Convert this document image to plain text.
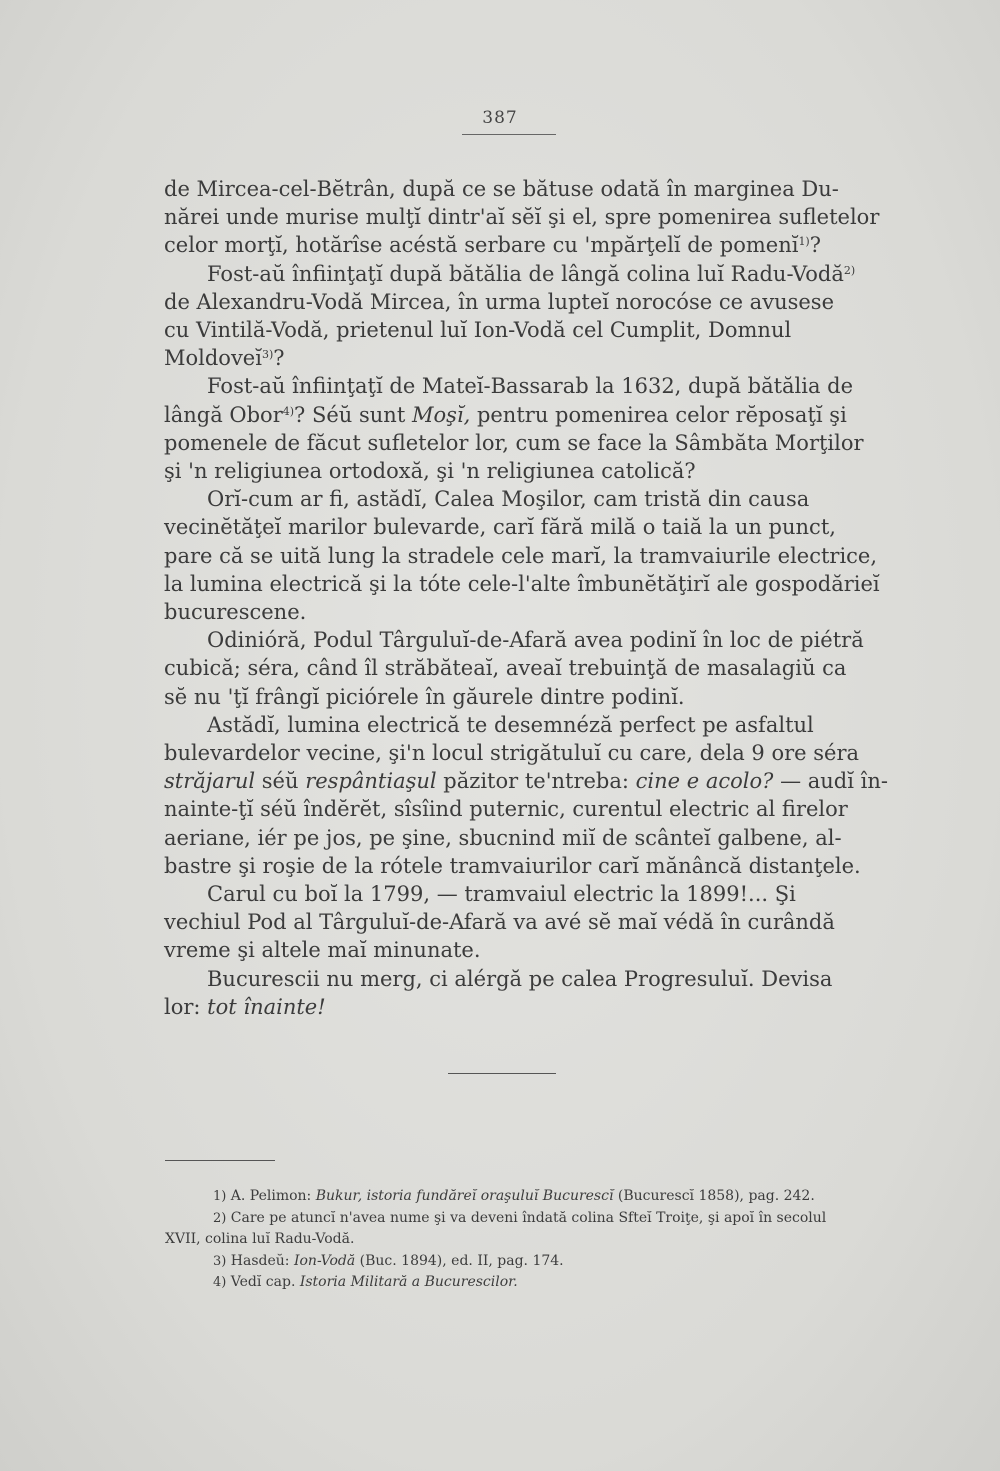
387
de Mircea-cel-Bĕtrân, după ce se bătuse odată în marginea Du-
nărei unde murise mulţĭ dintr'aĭ sĕĭ şi el, spre pomenirea sufletelor
celor morţĭ, hotărîse acéstă serbare cu 'mpărţelĭ de pomenĭ$^{1)}$?
Fost-aŭ înfiinţaţĭ după bătălia de lângă colina luĭ Radu-Vodă$^{2)}$
de Alexandru-Vodă Mircea, în urma lupteĭ norocóse ce avusese
cu Vintilă-Vodă, prietenul luĭ Ion-Vodă cel Cumplit, Domnul
Moldoveĭ$^{3)}$?
Fost-aŭ înfiinţaţĭ de Mateĭ-Bassarab la 1632, după bătălia de
lângă Obor$^{4)}$? Séŭ sunt Moşĭ, pentru pomenirea celor rĕposaţĭ şi
pomenele de făcut sufletelor lor, cum se face la Sâmbăta Morţilor
şi 'n religiunea ortodoxă, şi 'n religiunea catolică?
Orĭ-cum ar fi, astădĭ, Calea Moşilor, cam tristă din causa
vecinĕtăţeĭ marilor bulevarde, carĭ fără milă o taiă la un punct,
pare că se uită lung la stradele cele marĭ, la tramvaiurile electrice,
la lumina electrică şi la tóte cele-l'alte îmbunĕtăţirĭ ale gospodărieĭ
bucurescene.
Odinióră, Podul Târguluĭ-de-Afară avea podinĭ în loc de piétră
cubică; séra, când îl străbăteaĭ, aveaĭ trebuinţă de masalagiŭ ca
sĕ nu 'ţĭ frângĭ piciórele în găurele dintre podinĭ.
Astădĭ, lumina electrică te desemnéză perfect pe asfaltul
bulevardelor vecine, şi'n locul strigătuluĭ cu care, dela 9 ore séra
străjarul séŭ respântiaşul păzitor te'ntreba: cine e acolo? — audĭ în-
nainte-ţĭ séŭ îndĕrĕt, sîsîind puternic, curentul electric al firelor
aeriane, iér pe jos, pe şine, sbucnind miĭ de scânteĭ galbene, al-
bastre şi roşie de la rótele tramvaiurilor carĭ mănâncă distanţele.
Carul cu boĭ la 1799, — tramvaiul electric la 1899!... Şi
vechiul Pod al Târguluĭ-de-Afară va avé sĕ maĭ védă în curândă
vreme şi altele maĭ minunate.
Bucurescii nu merg, ci alérgă pe calea Progresuluĭ. Devisa
lor: tot înainte!
1) A. Pelimon: Bukur, istoria fundăreĭ oraşuluĭ Bucurescĭ (Bucurescĭ 1858), pag. 242.
2) Care pe atuncĭ n'avea nume şi va deveni îndată colina Sfteĭ Troiţe, şi apoĭ în secolul
XVII, colina luĭ Radu-Vodă.
3) Hasdeŭ: Ion-Vodă (Buc. 1894), ed. II, pag. 174.
4) Vedĭ cap. Istoria Militară a Bucurescilor.
